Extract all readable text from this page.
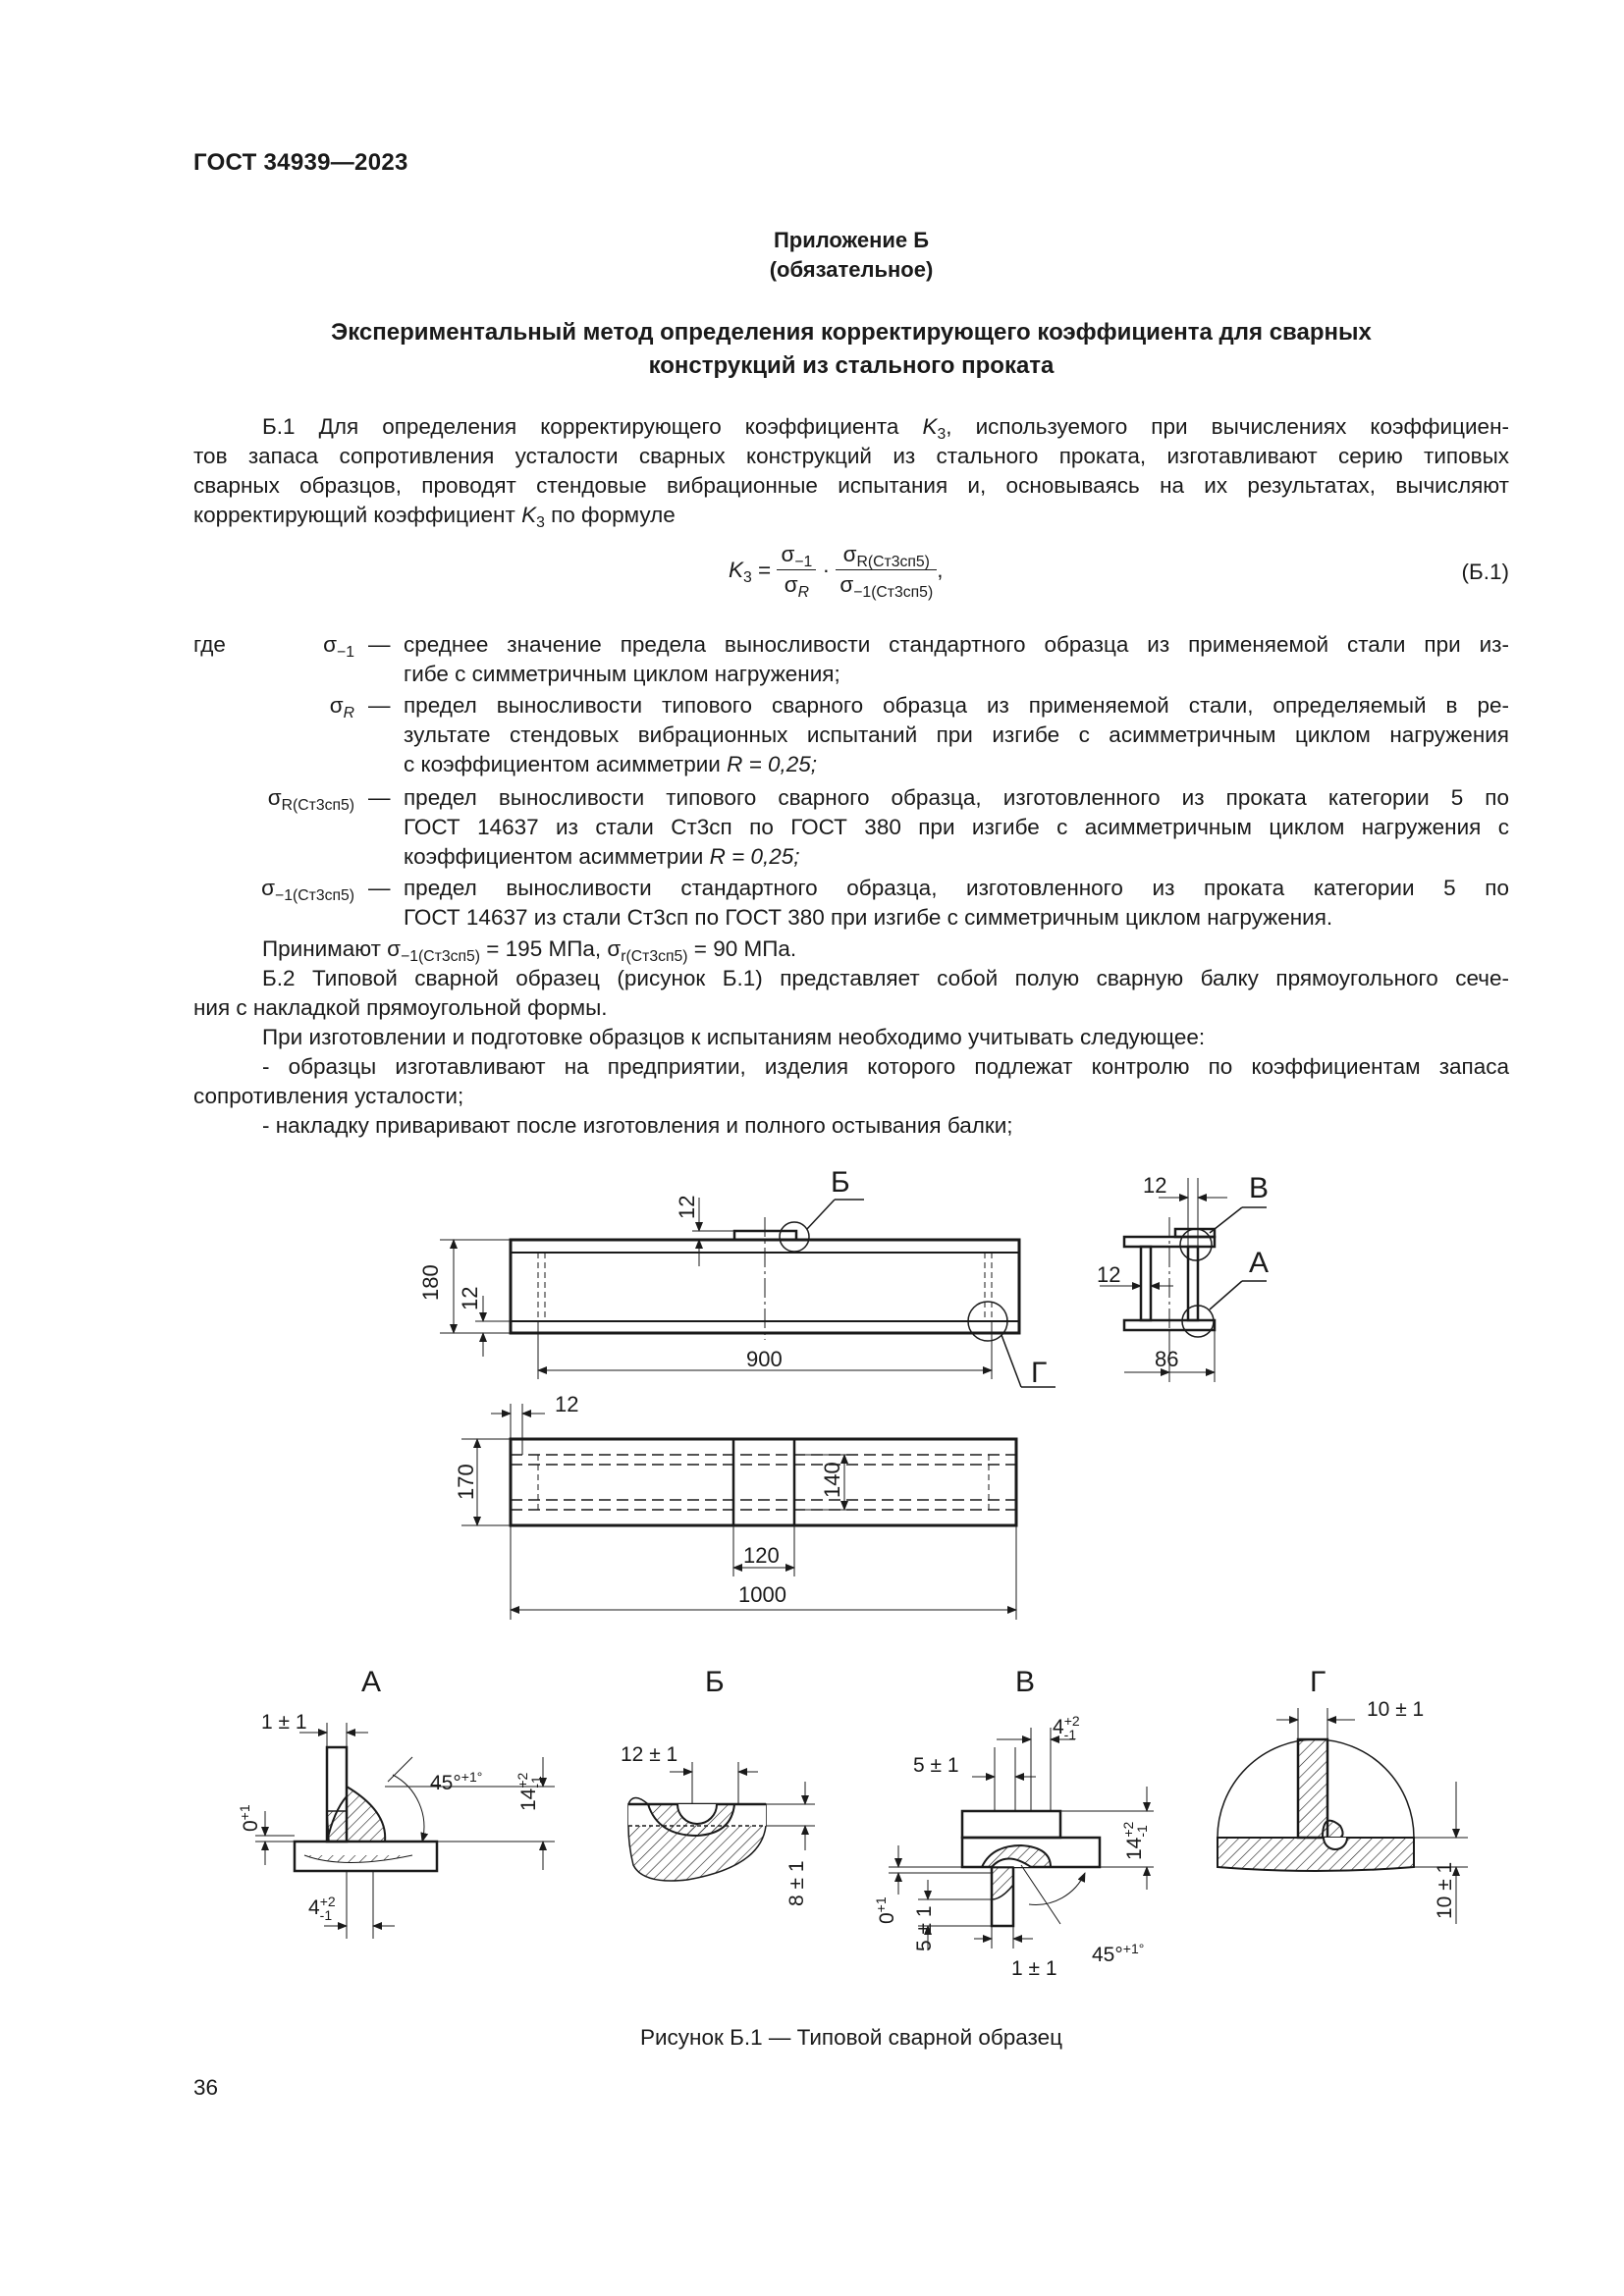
ГОСТ 34939—2023
Приложение Б
(обязательное)
Экспериментальный метод определения корректирующего коэффициента для сварных
конструкций из стального проката

Б.1 Для определения корректирующего коэффициента $K_3$, используемого при вычислениях коэффициен-

тов запаса сопротивления усталости сварных конструкций из стального проката, изготавливают серию типовых

сварных образцов, проводят стендовые вибрационные испытания и, основываясь на их результатах, вычисляют

корректирующий коэффициент $K_3$ по формуле

$K_3 = \frac{\sigma_{-1}}{\sigma_R} \cdot \frac{\sigma_{R(Ст3сп5)}}{\sigma_{-1(Ст3сп5)}}$ ,	(Б.1)
где	$\sigma_{-1}$ — среднее значение предела выносливости стандартного образца из применяемой стали при из-
гибе с симметричным циклом нагружения;
$\sigma_R$ — предел выносливости типового сварного образца из применяемой стали, определяемый в ре-
зультате стендовых вибрационных испытаний при изгибе с асимметричным циклом нагружения
с коэффициентом асимметрии R = 0,25;
$\sigma_{R(Ст3сп5)}$ — предел выносливости типового сварного образца, изготовленного из проката категории 5 по
ГОСТ 14637 из стали Ст3сп по ГОСТ 380 при изгибе с асимметричным циклом нагружения с
коэффициентом асимметрии R = 0,25;
$\sigma_{-1(Ст3сп5)}$ — предел выносливости стандартного образца, изготовленного из проката категории 5 по
ГОСТ 14637 из стали Ст3сп по ГОСТ 380 при изгибе с симметричным циклом нагружения.

Принимают $\sigma_{-1(Ст3сп5)} = 195$ МПа, $\sigma_{r(Ст3сп5)} = 90$ МПа.

Б.2 Типовой сварной образец (рисунок Б.1) представляет собой полую сварную балку прямоугольного сече-

ния с накладкой прямоугольной формы.

При изготовлении и подготовке образцов к испытаниям необходимо учитывать следующее:

- образцы изготавливают на предприятии, изделия которого подлежат контролю по коэффициентам запаса

сопротивления усталости;

- накладку приваривают после изготовления и полного остывания балки;

12
180 12
900
Б
Г
12
12
86
В
А
12
170	140
120
1000
А
1 ± 1
45°$^{+1^\circ}$
$14^{+2}-1$
$0^{+1}$
$4^{+2}$ -1
Б
12 ± 1
8 ± 1
В
$4^{+2}$ -1
5 ± 1
$14^{+2}-1$
$0^{+1}$
5 ± 1
1 ± 1
45°$^{+1^\circ}$
Г
10 ± 1
10 ± 1
Рисунок Б.1 — Типовой сварной образец
36
